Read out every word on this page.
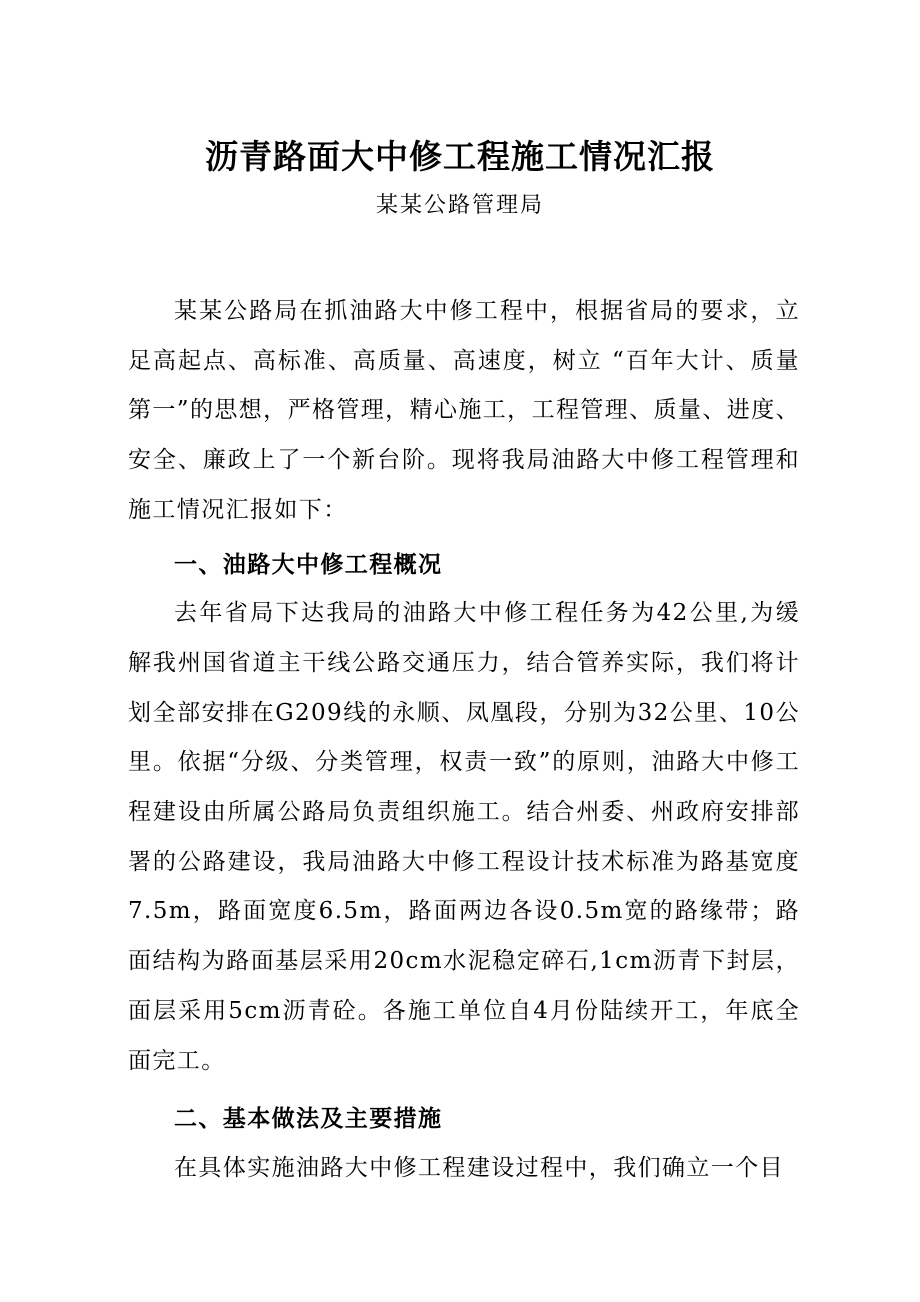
沥青路面大中修工程施工情况汇报

某某公路管理局

某某公路局在抓油路大中修工程中，根据省局的要求，立足高起点、高标准、高质量、高速度，树立 “百年大计、质量第一”的思想，严格管理，精心施工，工程管理、质量、进度、安全、廉政上了一个新台阶。现将我局油路大中修工程管理和施工情况汇报如下：

一、油路大中修工程概况

去年省局下达我局的油路大中修工程任务为42公里,为缓解我州国省道主干线公路交通压力，结合管养实际，我们将计划全部安排在G209线的永顺、凤凰段，分别为32公里、10公里。依据“分级、分类管理，权责一致”的原则，油路大中修工程建设由所属公路局负责组织施工。结合州委、州政府安排部署的公路建设，我局油路大中修工程设计技术标准为路基宽度7.5m，路面宽度6.5m，路面两边各设0.5m宽的路缘带；路面结构为路面基层采用20cm水泥稳定碎石,1cm沥青下封层，面层采用5cm沥青砼。各施工单位自4月份陆续开工，年底全面完工。

二、基本做法及主要措施

在具体实施油路大中修工程建设过程中，我们确立一个目
